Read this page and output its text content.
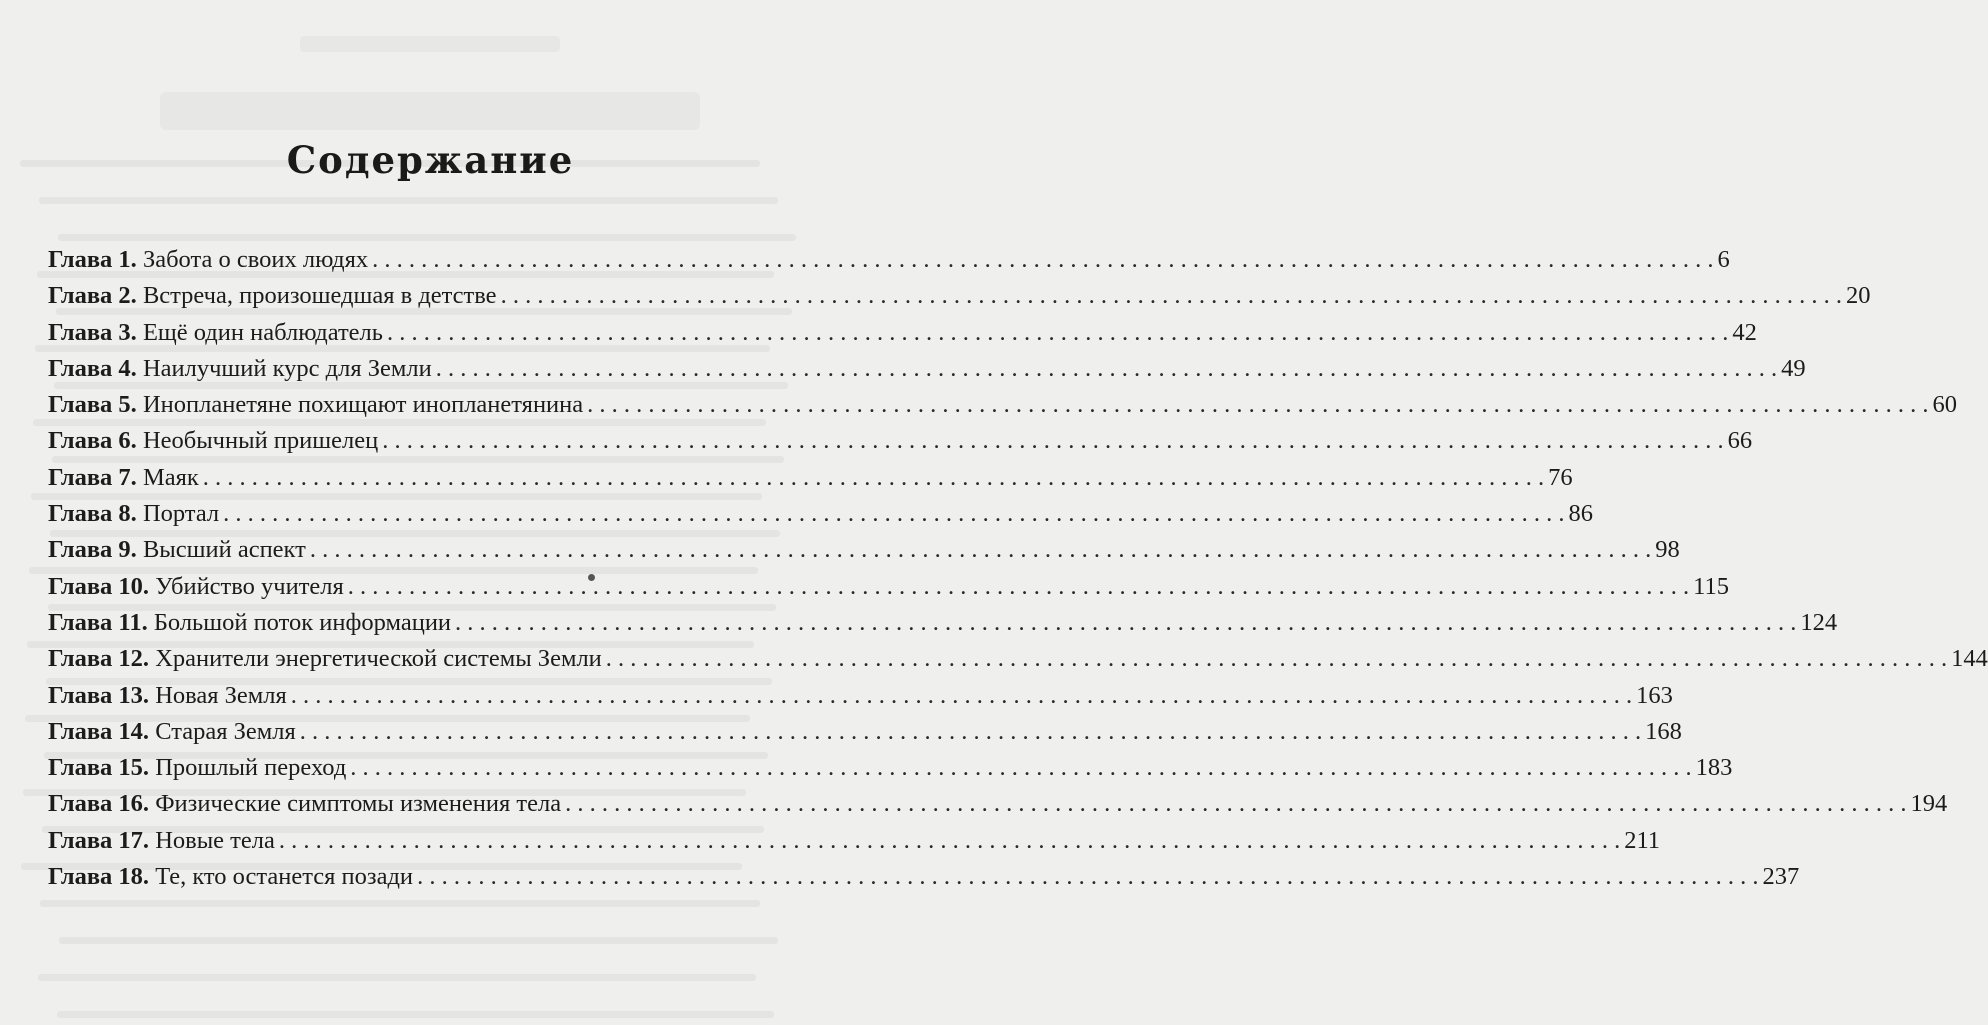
Содержание
Глава 1. Забота о своих людях . . .	6
Глава 2. Встреча, произошедшая в детстве . . .	20
Глава 3. Ещё один наблюдатель . . .	42
Глава 4. Наилучший курс для Земли . . .	49
Глава 5. Инопланетяне похищают инопланетянина . . .	60
Глава 6. Необычный пришелец . . .	66
Глава 7. Маяк . . .	76
Глава 8. Портал . . .	86
Глава 9. Высший аспект . . .	98
Глава 10. Убийство учителя . . .	115
Глава 11. Большой поток информации . . .	124
Глава 12. Хранители энергетической системы Земли . . .	144
Глава 13. Новая Земля . . .	163
Глава 14. Старая Земля . . .	168
Глава 15. Прошлый переход . . .	183
Глава 16. Физические симптомы изменения тела . . .	194
Глава 17. Новые тела . . .	211
Глава 18. Те, кто останется позади . . .	237
